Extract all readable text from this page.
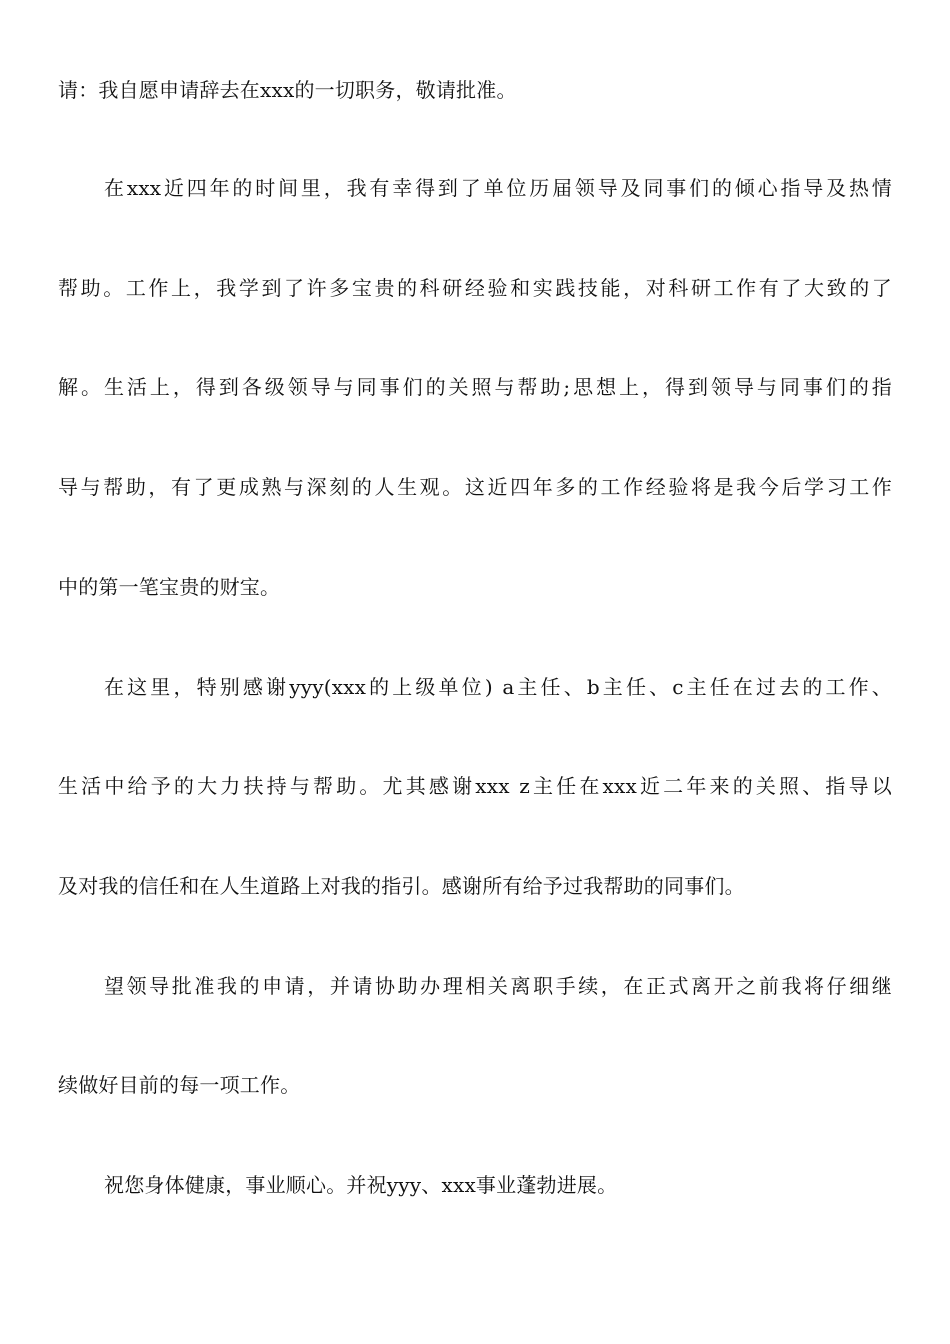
请：我自愿申请辞去在xxx的一切职务，敬请批准。
在xxx近四年的时间里，我有幸得到了单位历届领导及同事们的倾心指导及热情
帮助。工作上，我学到了许多宝贵的科研经验和实践技能，对科研工作有了大致的了
解。生活上，得到各级领导与同事们的关照与帮助;思想上，得到领导与同事们的指
导与帮助，有了更成熟与深刻的人生观。这近四年多的工作经验将是我今后学习工作
中的第一笔宝贵的财宝。
在这里，特别感谢yyy(xxx的上级单位) a主任、b主任、c主任在过去的工作、
生活中给予的大力扶持与帮助。尤其感谢xxx z主任在xxx近二年来的关照、指导以
及对我的信任和在人生道路上对我的指引。感谢所有给予过我帮助的同事们。
望领导批准我的申请，并请协助办理相关离职手续，在正式离开之前我将仔细继
续做好目前的每一项工作。
祝您身体健康，事业顺心。并祝yyy、xxx事业蓬勃进展。
